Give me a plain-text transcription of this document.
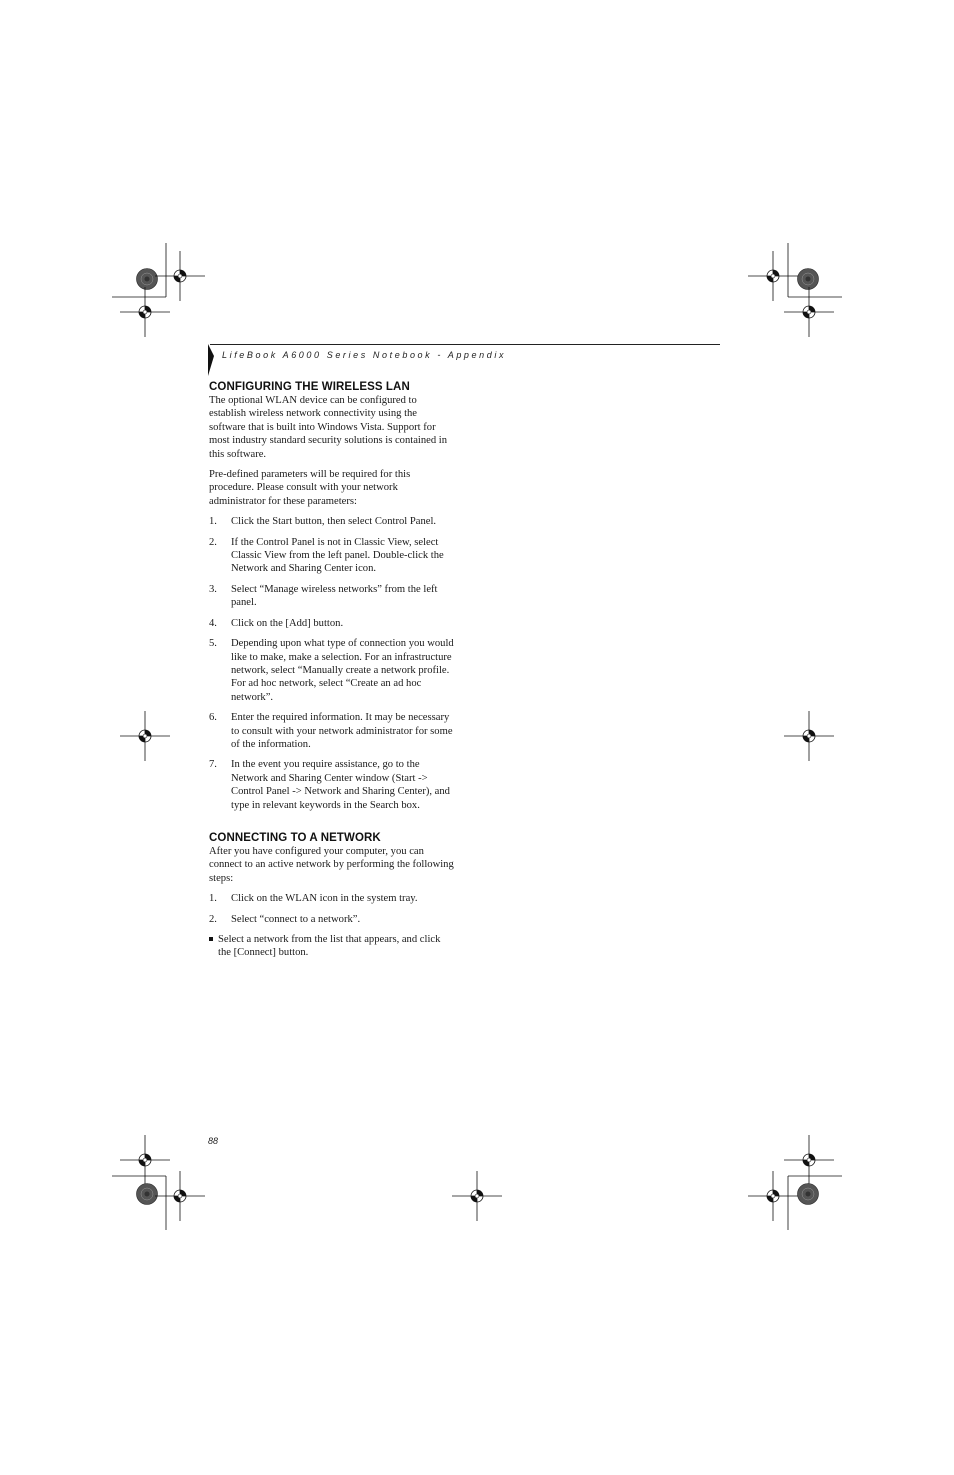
LifeBook A6000 Series Notebook - Appendix
CONFIGURING THE WIRELESS LAN

The optional WLAN device can be configured to establish wireless network connectivity using the software that is built into Windows Vista. Support for most industry standard security solutions is contained in this software.

Pre-defined parameters will be required for this procedure. Please consult with your network administrator for these parameters:

1. Click the Start button, then select Control Panel.
2. If the Control Panel is not in Classic View, select Classic View from the left panel. Double-click the Network and Sharing Center icon.
3. Select “Manage wireless networks” from the left panel.
4. Click on the [Add] button.
5. Depending upon what type of connection you would like to make, make a selection. For an infrastructure network, select “Manually create a network profile. For ad hoc network, select “Create an ad hoc network”.
6. Enter the required information. It may be necessary to consult with your network administrator for some of the information.
7. In the event you require assistance, go to the Network and Sharing Center window (Start -> Control Panel -> Network and Sharing Center), and type in relevant keywords in the Search box.
CONNECTING TO A NETWORK

After you have configured your computer, you can connect to an active network by performing the following steps:

1. Click on the WLAN icon in the system tray.
2. Select “connect to a network”.

Select a network from the list that appears, and click the [Connect] button.

88
